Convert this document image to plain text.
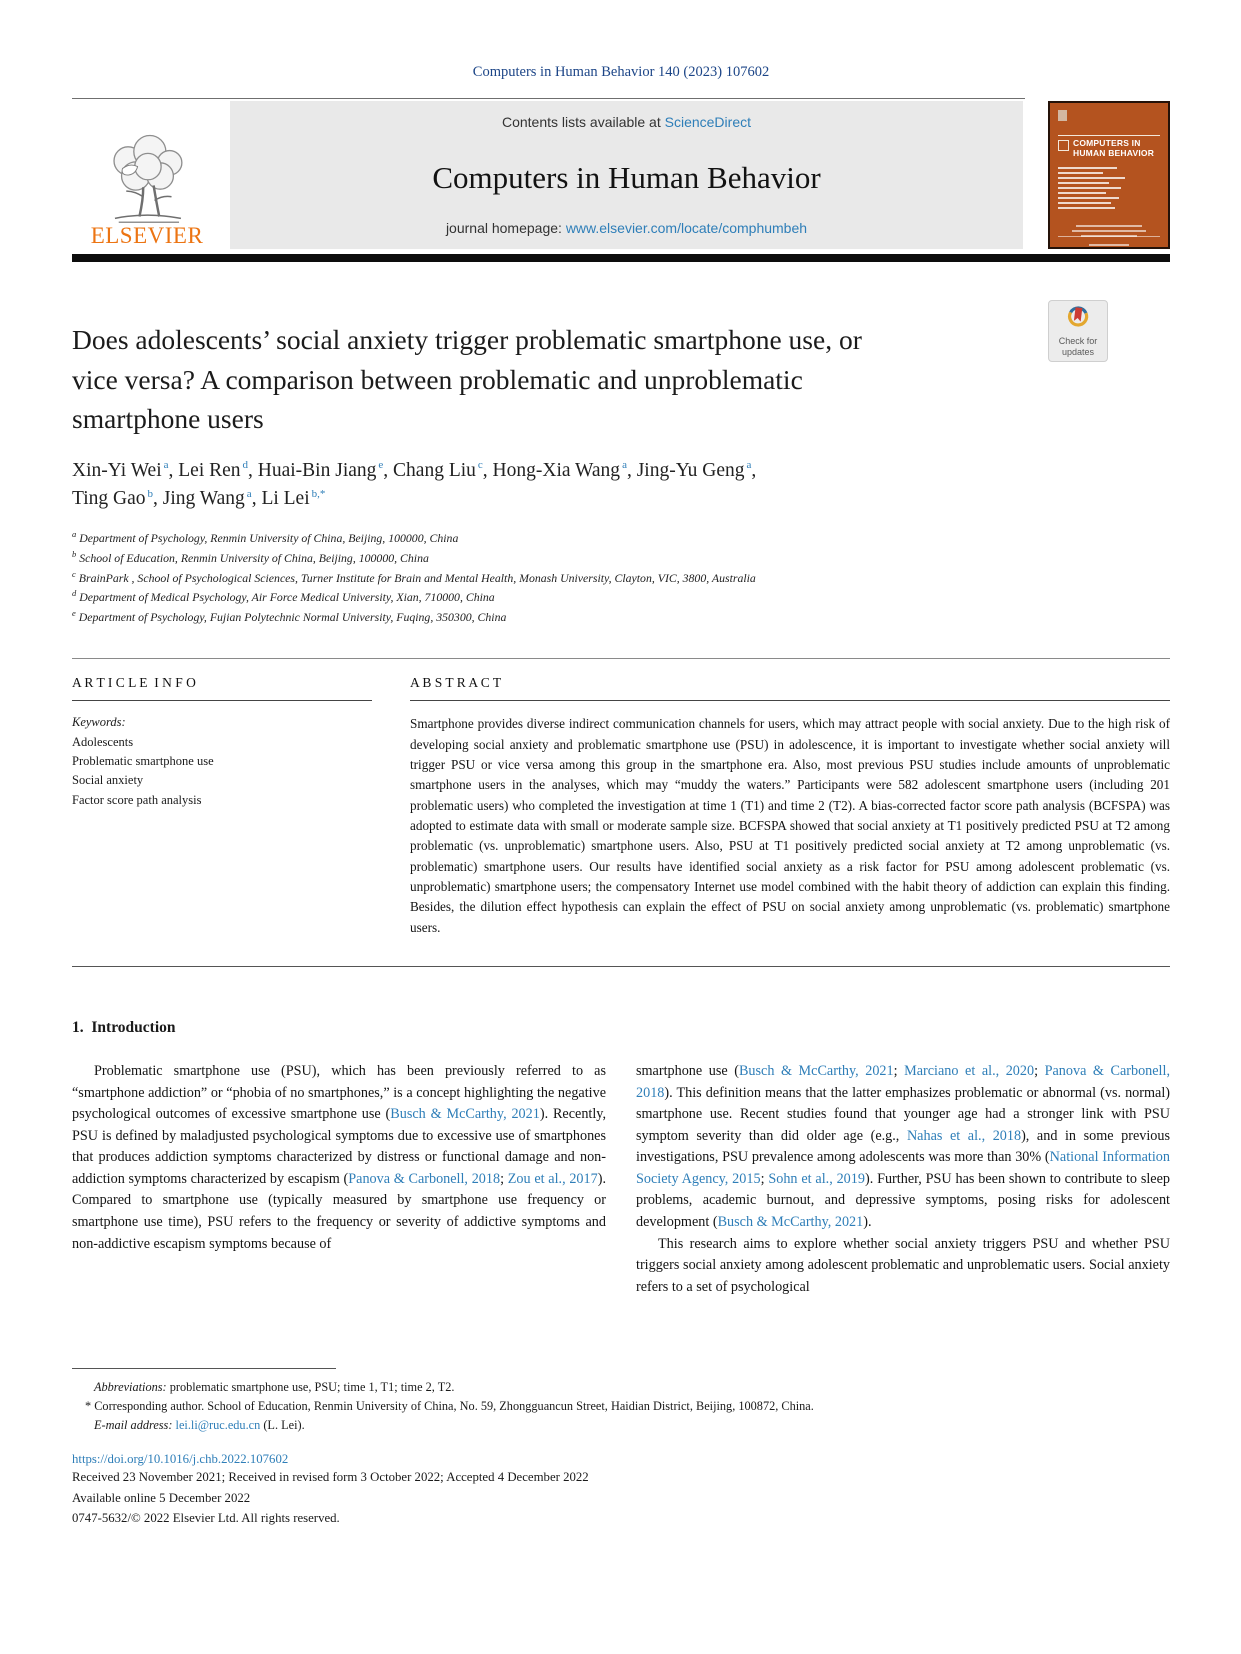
Computers in Human Behavior 140 (2023) 107602
ELSEVIER
Contents lists available at ScienceDirect
Computers in Human Behavior
journal homepage: www.elsevier.com/locate/comphumbeh
COMPUTERS IN HUMAN BEHAVIOR
Check for
updates
Does adolescents’ social anxiety trigger problematic smartphone use, or
vice versa? A comparison between problematic and unproblematic
smartphone users
Xin-Yi Wei $^a$, Lei Ren $^d$, Huai-Bin Jiang $^e$, Chang Liu $^c$, Hong-Xia Wang $^a$, Jing-Yu Geng $^a$,
Ting Gao $^b$, Jing Wang $^a$, Li Lei $^{b,*}$
$^a$ Department of Psychology, Renmin University of China, Beijing, 100000, China
$^b$ School of Education, Renmin University of China, Beijing, 100000, China
$^c$ BrainPark , School of Psychological Sciences, Turner Institute for Brain and Mental Health, Monash University, Clayton, VIC, 3800, Australia
$^d$ Department of Medical Psychology, Air Force Medical University, Xian, 710000, China
$^e$ Department of Psychology, Fujian Polytechnic Normal University, Fuqing, 350300, China
A R T I C L E  I N F O
Keywords:
Adolescents
Problematic smartphone use
Social anxiety
Factor score path analysis
A B S T R A C T
Smartphone provides diverse indirect communication channels for users, which may attract people with social anxiety. Due to the high risk of developing social anxiety and problematic smartphone use (PSU) in adolescence, it is important to investigate whether social anxiety will trigger PSU or vice versa among this group in the smartphone era. Also, most previous PSU studies include amounts of unproblematic smartphone users in the analyses, which may “muddy the waters.” Participants were 582 adolescent smartphone users (including 201 problematic users) who completed the investigation at time 1 (T1) and time 2 (T2). A bias-corrected factor score path analysis (BCFSPA) was adopted to estimate data with small or moderate sample size. BCFSPA showed that social anxiety at T1 positively predicted PSU at T2 among problematic (vs. unproblematic) smartphone users. Also, PSU at T1 positively predicted social anxiety at T2 among unproblematic (vs. problematic) smartphone users. Our results have identified social anxiety as a risk factor for PSU among adolescent problematic (vs. unproblematic) smartphone users; the compensatory Internet use model combined with the habit theory of addiction can explain this finding. Besides, the dilution effect hypothesis can explain the effect of PSU on social anxiety among unproblematic (vs. problematic) smartphone users.
1.  Introduction
Problematic smartphone use (PSU), which has been previously referred to as “smartphone addiction” or “phobia of no smartphones,” is a concept highlighting the negative psychological outcomes of excessive smartphone use (Busch & McCarthy, 2021). Recently, PSU is defined by maladjusted psychological symptoms due to excessive use of smartphones that produces addiction symptoms characterized by distress or functional damage and non-addiction symptoms characterized by escapism (Panova & Carbonell, 2018; Zou et al., 2017). Compared to smartphone use (typically measured by smartphone use frequency or smartphone use time), PSU refers to the frequency or severity of addictive symptoms and non-addictive escapism symptoms because of
smartphone use (Busch & McCarthy, 2021; Marciano et al., 2020; Panova & Carbonell, 2018). This definition means that the latter emphasizes problematic or abnormal (vs. normal) smartphone use. Recent studies found that younger age had a stronger link with PSU symptom severity than did older age (e.g., Nahas et al., 2018), and in some previous investigations, PSU prevalence among adolescents was more than 30% (National Information Society Agency, 2015; Sohn et al., 2019). Further, PSU has been shown to contribute to sleep problems, academic burnout, and depressive symptoms, posing risks for adolescent development (Busch & McCarthy, 2021).
This research aims to explore whether social anxiety triggers PSU and whether PSU triggers social anxiety among adolescent problematic and unproblematic users. Social anxiety refers to a set of psychological
Abbreviations: problematic smartphone use, PSU; time 1, T1; time 2, T2.
* Corresponding author. School of Education, Renmin University of China, No. 59, Zhongguancun Street, Haidian District, Beijing, 100872, China.
E-mail address: lei.li@ruc.edu.cn (L. Lei).
https://doi.org/10.1016/j.chb.2022.107602
Received 23 November 2021; Received in revised form 3 October 2022; Accepted 4 December 2022
Available online 5 December 2022
0747-5632/© 2022 Elsevier Ltd. All rights reserved.
